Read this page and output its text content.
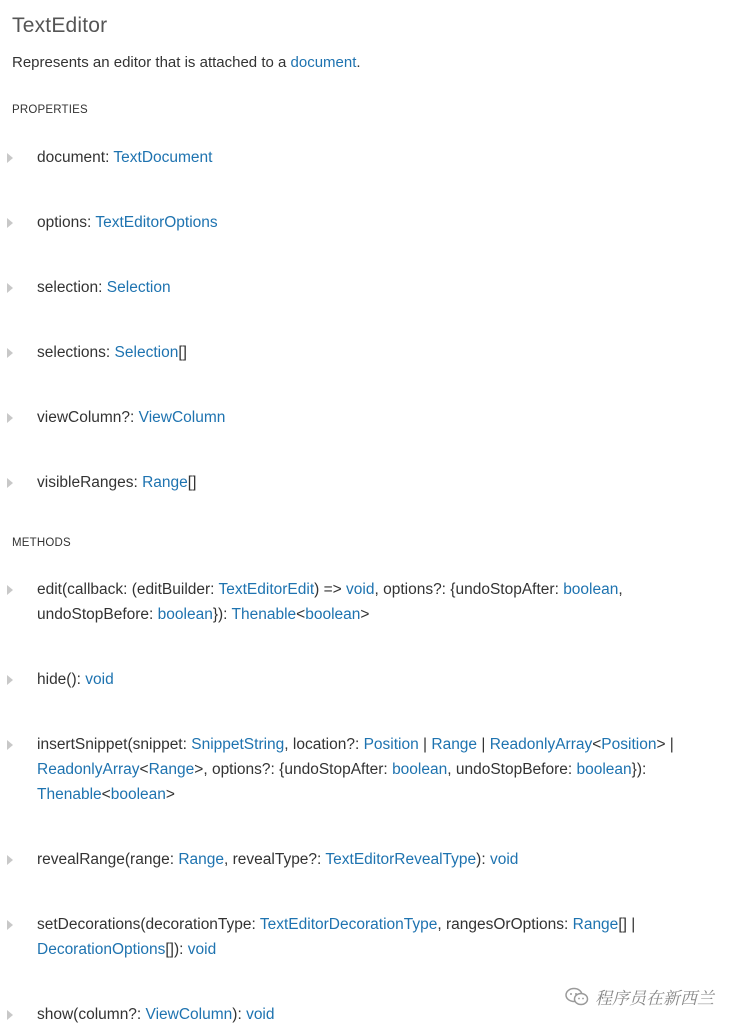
TextEditor
Represents an editor that is attached to a document.
PROPERTIES
document: TextDocument
options: TextEditorOptions
selection: Selection
selections: Selection[]
viewColumn?: ViewColumn
visibleRanges: Range[]
METHODS
edit(callback: (editBuilder: TextEditorEdit) => void, options?: {undoStopAfter: boolean,
undoStopBefore: boolean}): Thenable<boolean>
hide(): void
insertSnippet(snippet: SnippetString, location?: Position | Range | ReadonlyArray<Position> |
ReadonlyArray<Range>, options?: {undoStopAfter: boolean, undoStopBefore: boolean}):
Thenable<boolean>
revealRange(range: Range, revealType?: TextEditorRevealType): void
setDecorations(decorationType: TextEditorDecorationType, rangesOrOptions: Range[] |
DecorationOptions[]): void
show(column?: ViewColumn): void
程序员在新西兰
